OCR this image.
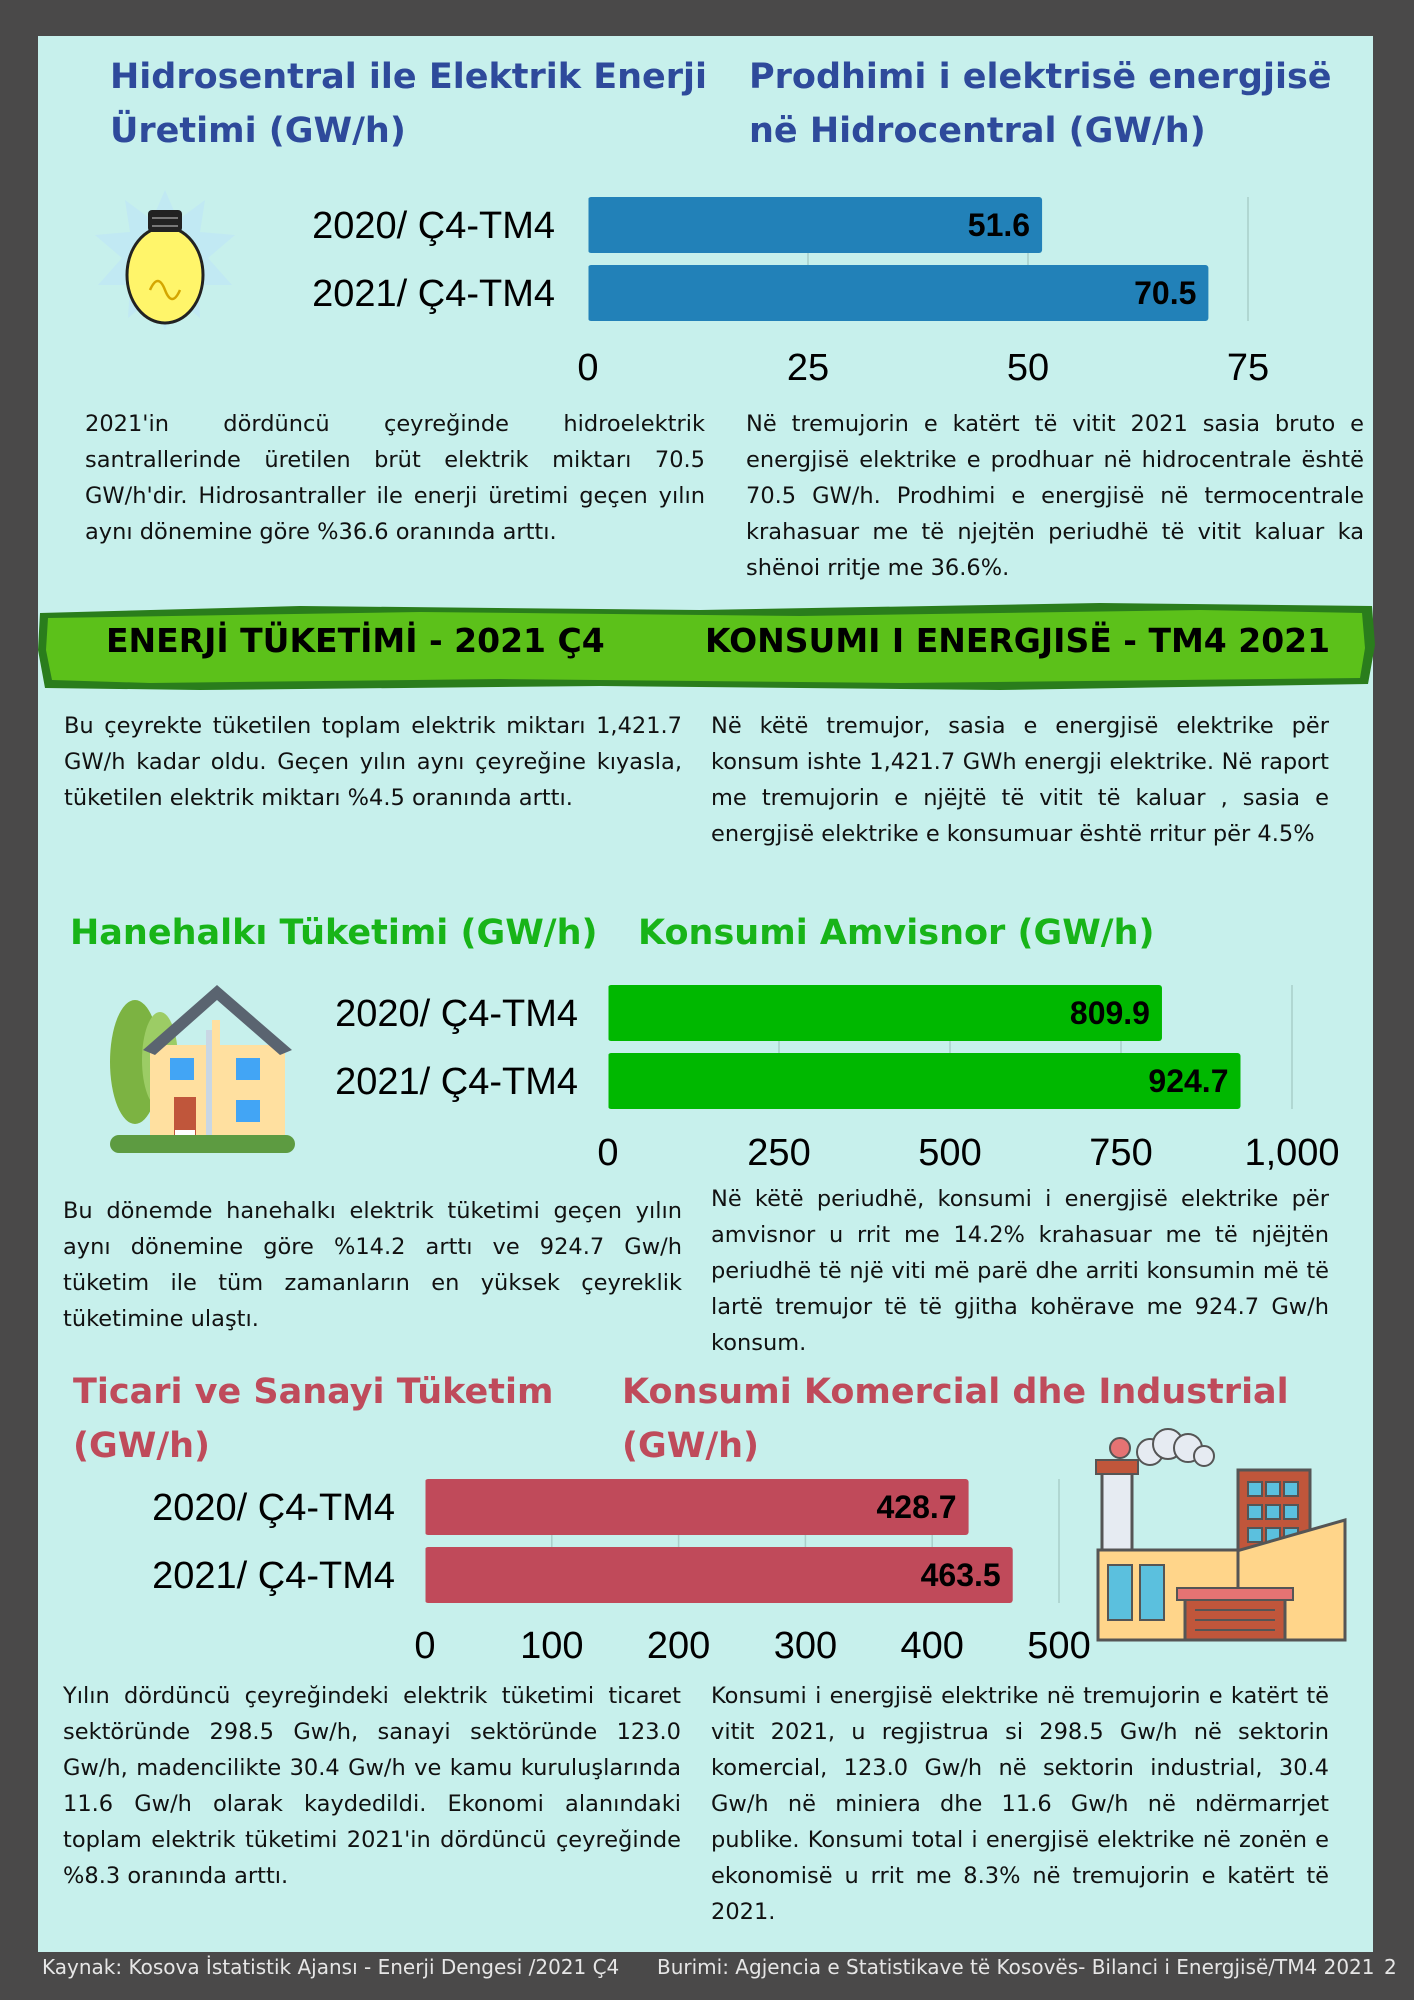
Hidrosentral ile Elektrik Enerji Üretimi (GW/h)
Prodhimi i elektrisë energjisë në Hidrocentral (GW/h)
0	25	50	75
51.6
2020/ Ç4-TM4
70.5
2021/ Ç4-TM4
0	250	500	750 1,000
809.9
2020/ Ç4-TM4
924.7
2021/ Ç4-TM4
0 100 200 300 400 500
428.7
2020/ Ç4-TM4
463.5
2021/ Ç4-TM4
2021'in dördüncü çeyreğinde hidroelektrik santrallerinde üretilen brüt elektrik miktarı 70.5 GW/h'dir. Hidrosantraller ile enerji üretimi geçen yılın aynı dönemine göre %36.6 oranında arttı.
Në tremujorin e katërt të vitit 2021 sasia bruto e energjisë elektrike e prodhuar në hidrocentrale është 70.5 GW/h. Prodhimi e energjisë në termocentrale krahasuar me të njejtën periudhë të vitit kaluar ka shënoi rritje me 36.6%.
ENERJİ TÜKETİMİ - 2021 Ç4	KONSUMI I ENERGJISË - TM4 2021
Bu çeyrekte tüketilen toplam elektrik miktarı 1,421.7 GW/h kadar oldu. Geçen yılın aynı çeyreğine kıyasla, tüketilen elektrik miktarı %4.5 oranında arttı.
Në këtë tremujor, sasia e energjisë elektrike për konsum ishte 1,421.7 GWh energji elektrike. Në raport me tremujorin e njëjtë të vitit të kaluar , sasia e energjisë elektrike e konsumuar është rritur për 4.5%
Hanehalkı Tüketimi (GW/h)	Konsumi Amvisnor (GW/h)
Bu dönemde hanehalkı elektrik tüketimi geçen yılın aynı dönemine göre %14.2 arttı ve 924.7 Gw/h tüketim ile tüm zamanların en yüksek çeyreklik tüketimine ulaştı.
Në këtë periudhë, konsumi i energjisë elektrike për amvisnor u rrit me 14.2% krahasuar me të njëjtën periudhë të një viti më parë dhe arriti konsumin më të lartë tremujor të të gjitha kohërave me 924.7 Gw/h konsum.
Ticari ve Sanayi Tüketim (GW/h)
Konsumi Komercial dhe Industrial (GW/h)
Yılın dördüncü çeyreğindeki elektrik tüketimi ticaret sektöründe 298.5 Gw/h, sanayi sektöründe 123.0 Gw/h, madencilikte 30.4 Gw/h ve kamu kuruluşlarında 11.6 Gw/h olarak kaydedildi. Ekonomi alanındaki toplam elektrik tüketimi 2021'in dördüncü çeyreğinde %8.3 oranında arttı.
Konsumi i energjisë elektrike në tremujorin e katërt të vitit 2021, u regjistrua si 298.5 Gw/h në sektorin komercial, 123.0 Gw/h në sektorin industrial, 30.4 Gw/h në miniera dhe 11.6 Gw/h në ndërmarrjet publike. Konsumi total i energjisë elektrike në zonën e ekonomisë u rrit me 8.3% në tremujorin e katërt të 2021.
Kaynak: Kosova İstatistik Ajansı - Enerji Dengesi /2021 Ç4 Burimi: Agjencia e Statistikave të Kosovës- Bilanci i Energjisë/TM4 2021 2
